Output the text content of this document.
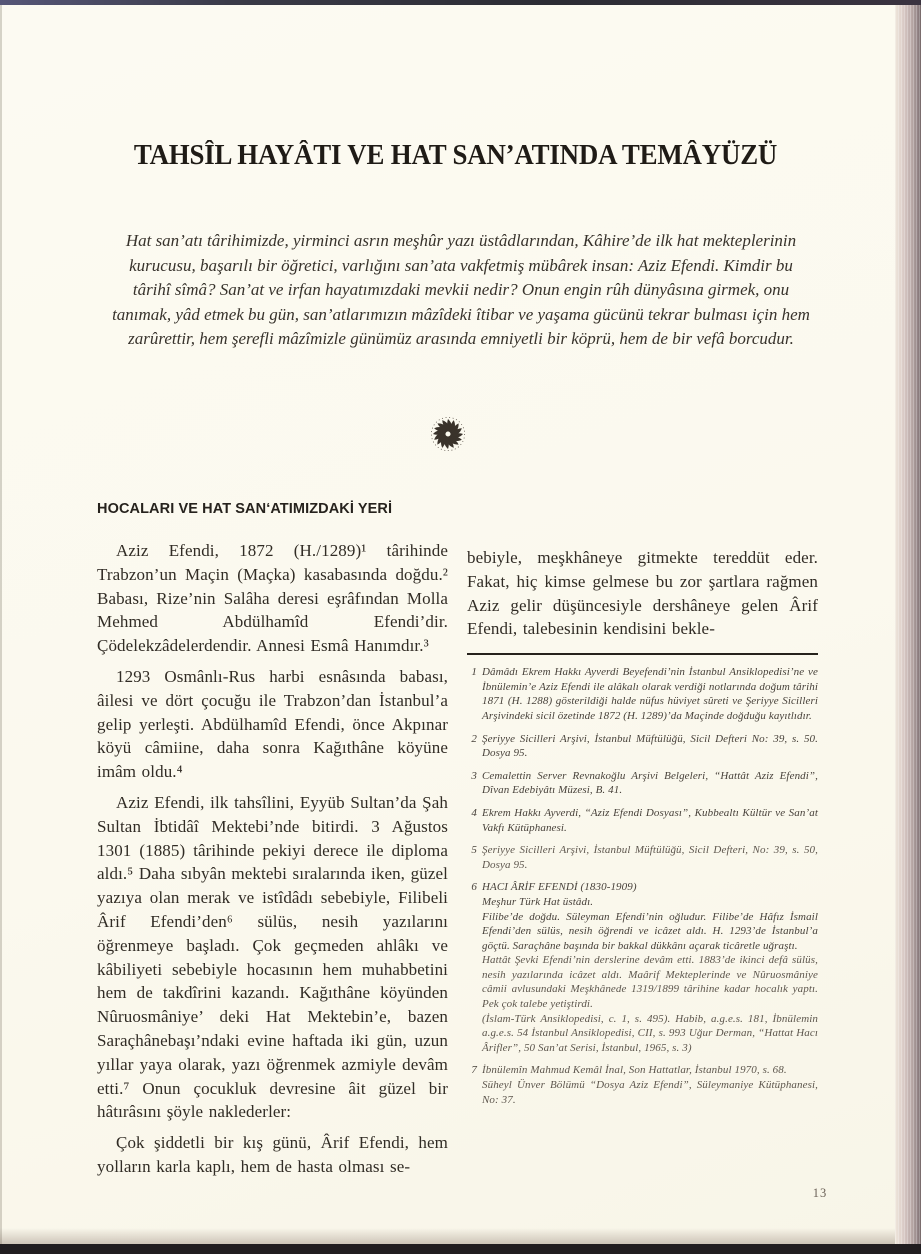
TAHSÎL HAYÂTI VE HAT SAN’ATINDA TEMÂYÜZÜ
Hat san’atı târihimizde, yirminci asrın meşhûr yazı üstâdlarından, Kâhire’de ilk hat mekteplerinin kurucusu, başarılı bir öğretici, varlığını san’ata vakfetmiş mübârek insan: Aziz Efendi. Kimdir bu târihî sîmâ? San’at ve irfan hayatımızdaki mevkii nedir? Onun engin rûh dünyâsına girmek, onu tanımak, yâd etmek bu gün, san’atlarımızın mâzîdeki îtibar ve yaşama gücünü tekrar bulması için hem zarûrettir, hem şerefli mâzîmizle günümüz arasında emniyetli bir köprü, hem de bir vefâ borcudur.
HOCALARI VE HAT SAN‘ATIMIZDAKİ YERİ

Aziz Efendi, 1872 (H./1289)¹ târihinde Trabzon’un Maçin (Maçka) kasabasında doğdu.² Babası, Rize’nin Salâha deresi eşrâfından Molla Mehmed Abdülhamîd Efendi’dir. Çödelekzâdelerdendir. Annesi Esmâ Hanımdır.³

1293 Osmânlı-Rus harbi esnâsında babası, âilesi ve dört çocuğu ile Trabzon’dan İstanbul’a gelip yerleşti. Abdülhamîd Efendi, önce Akpınar köyü câmiine, daha sonra Kağıthâne köyüne imâm oldu.⁴

Aziz Efendi, ilk tahsîlini, Eyyüb Sultan’da Şah Sultan İbtidâî Mektebi’nde bitirdi. 3 Ağustos 1301 (1885) târihinde pekiyi derece ile diploma aldı.⁵ Daha sıbyân mektebi sıralarında iken, güzel yazıya olan merak ve istîdâdı sebebiyle, Filibeli Ârif Efendi’den⁶ sülüs, nesih yazılarını öğrenmeye başladı. Çok geçmeden ahlâkı ve kâbiliyeti sebebiyle hocasının hem muhabbetini hem de takdîrini kazandı. Kağıthâne köyünden Nûruosmâniye’ deki Hat Mektebin’e, bazen Saraçhânebaşı’ndaki evine haftada iki gün, uzun yıllar yaya olarak, yazı öğrenmek azmiyle devâm etti.⁷ Onun çocukluk devresine âit güzel bir hâtırâsını şöyle naklederler:

Çok şiddetli bir kış günü, Ârif Efendi, hem yolların karla kaplı, hem de hasta olması se-

bebiyle, meşkhâneye gitmekte tereddüt eder. Fakat, hiç kimse gelmese bu zor şartlara rağmen Aziz gelir düşüncesiyle dershâneye gelen Ârif Efendi, talebesinin kendisini bekle-

1 Dâmâdı Ekrem Hakkı Ayverdi Beyefendi’nin İstanbul Ansiklopedisi’ne ve İbnülemin’e Aziz Efendi ile alâkalı olarak verdiği notlarında doğum târihi 1871 (H. 1288) gösterildiği halde nüfus hüviyet sûreti ve Şeriyye Sicilleri Arşivindeki sicil özetinde 1872 (H. 1289)’da Maçinde doğduğu kayıtlıdır.
2 Şeriyye Sicilleri Arşivi, İstanbul Müftülüğü, Sicil Defteri No: 39, s. 50. Dosya 95.
3 Cemalettin Server Revnakoğlu Arşivi Belgeleri, “Hattât Aziz Efendi”, Dîvan Edebiyâtı Müzesi, B. 41.
4 Ekrem Hakkı Ayverdi, “Aziz Efendi Dosyası”, Kubbealtı Kültür ve San’at Vakfı Kütüphanesi.
5 Şeriyye Sicilleri Arşivi, İstanbul Müftülüğü, Sicil Defteri, No: 39, s. 50, Dosya 95.
6 HACI ÂRİF EFENDİ (1830-1909)
Meşhur Türk Hat üstâdı.
Filibe’de doğdu. Süleyman Efendi’nin oğludur. Filibe’de Hâfız İsmail Efendi’den sülüs, nesih öğrendi ve icâzet aldı. H. 1293’de İstanbul’a göçtü. Saraçhâne başında bir bakkal dükkânı açarak ticâretle uğraştı.
Hattât Şevki Efendi’nin derslerine devâm etti. 1883’de ikinci defâ sülüs, nesih yazılarında icâzet aldı. Maârif Mekteplerinde ve Nûruosmâniye câmii avlusundaki Meşkhânede 1319/1899 târihine kadar hocalık yaptı. Pek çok talebe yetiştirdi.
(İslam-Türk Ansiklopedisi, c. 1, s. 495). Habib, a.g.e.s. 181, İbnülemin a.g.e.s. 54 İstanbul Ansiklopedisi, CII, s. 993 Uğur Derman, “Hattat Hacı Ârifler”, 50 San’at Serisi, İstanbul, 1965, s. 3)
7 İbnülemîn Mahmud Kemâl İnal, Son Hattatlar, İstanbul 1970, s. 68.
Süheyl Ünver Bölümü “Dosya Aziz Efendi”, Süleymaniye Kütüphanesi, No: 37.
13
